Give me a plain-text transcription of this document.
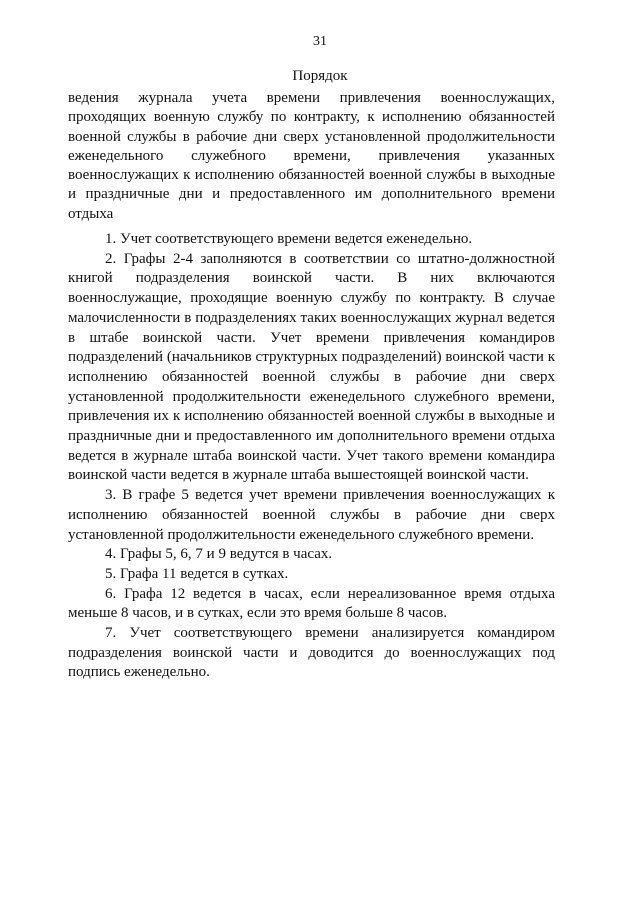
31
Порядок
ведения журнала учета времени привлечения военнослужащих, проходящих военную службу по контракту, к исполнению обязанностей военной службы в рабочие дни сверх установленной продолжительности еженедельного служебного времени, привлечения указанных военнослужащих к исполнению обязанностей военной службы в выходные и праздничные дни и предоставленного им дополнительного времени отдыха

1. Учет соответствующего времени ведется еженедельно.

2. Графы 2-4 заполняются в соответствии со штатно-должностной книгой подразделения воинской части. В них включаются военнослужащие, проходящие военную службу по контракту. В случае малочисленности в подразделениях таких военнослужащих журнал ведется в штабе воинской части. Учет времени привлечения командиров подразделений (начальников структурных подразделений) воинской части к исполнению обязанностей военной службы в рабочие дни сверх установленной продолжительности еженедельного служебного времени, привлечения их к исполнению обязанностей военной службы в выходные и праздничные дни и предоставленного им дополнительного времени отдыха ведется в журнале штаба воинской части. Учет такого времени командира воинской части ведется в журнале штаба вышестоящей воинской части.

3. В графе 5 ведется учет времени привлечения военнослужащих к исполнению обязанностей военной службы в рабочие дни сверх установленной продолжительности еженедельного служебного времени.

4. Графы 5, 6, 7 и 9 ведутся в часах.

5. Графа 11 ведется в сутках.

6. Графа 12 ведется в часах, если нереализованное время отдыха меньше 8 часов, и в сутках, если это время больше 8 часов.

7. Учет соответствующего времени анализируется командиром подразделения воинской части и доводится до военнослужащих под подпись еженедельно.
